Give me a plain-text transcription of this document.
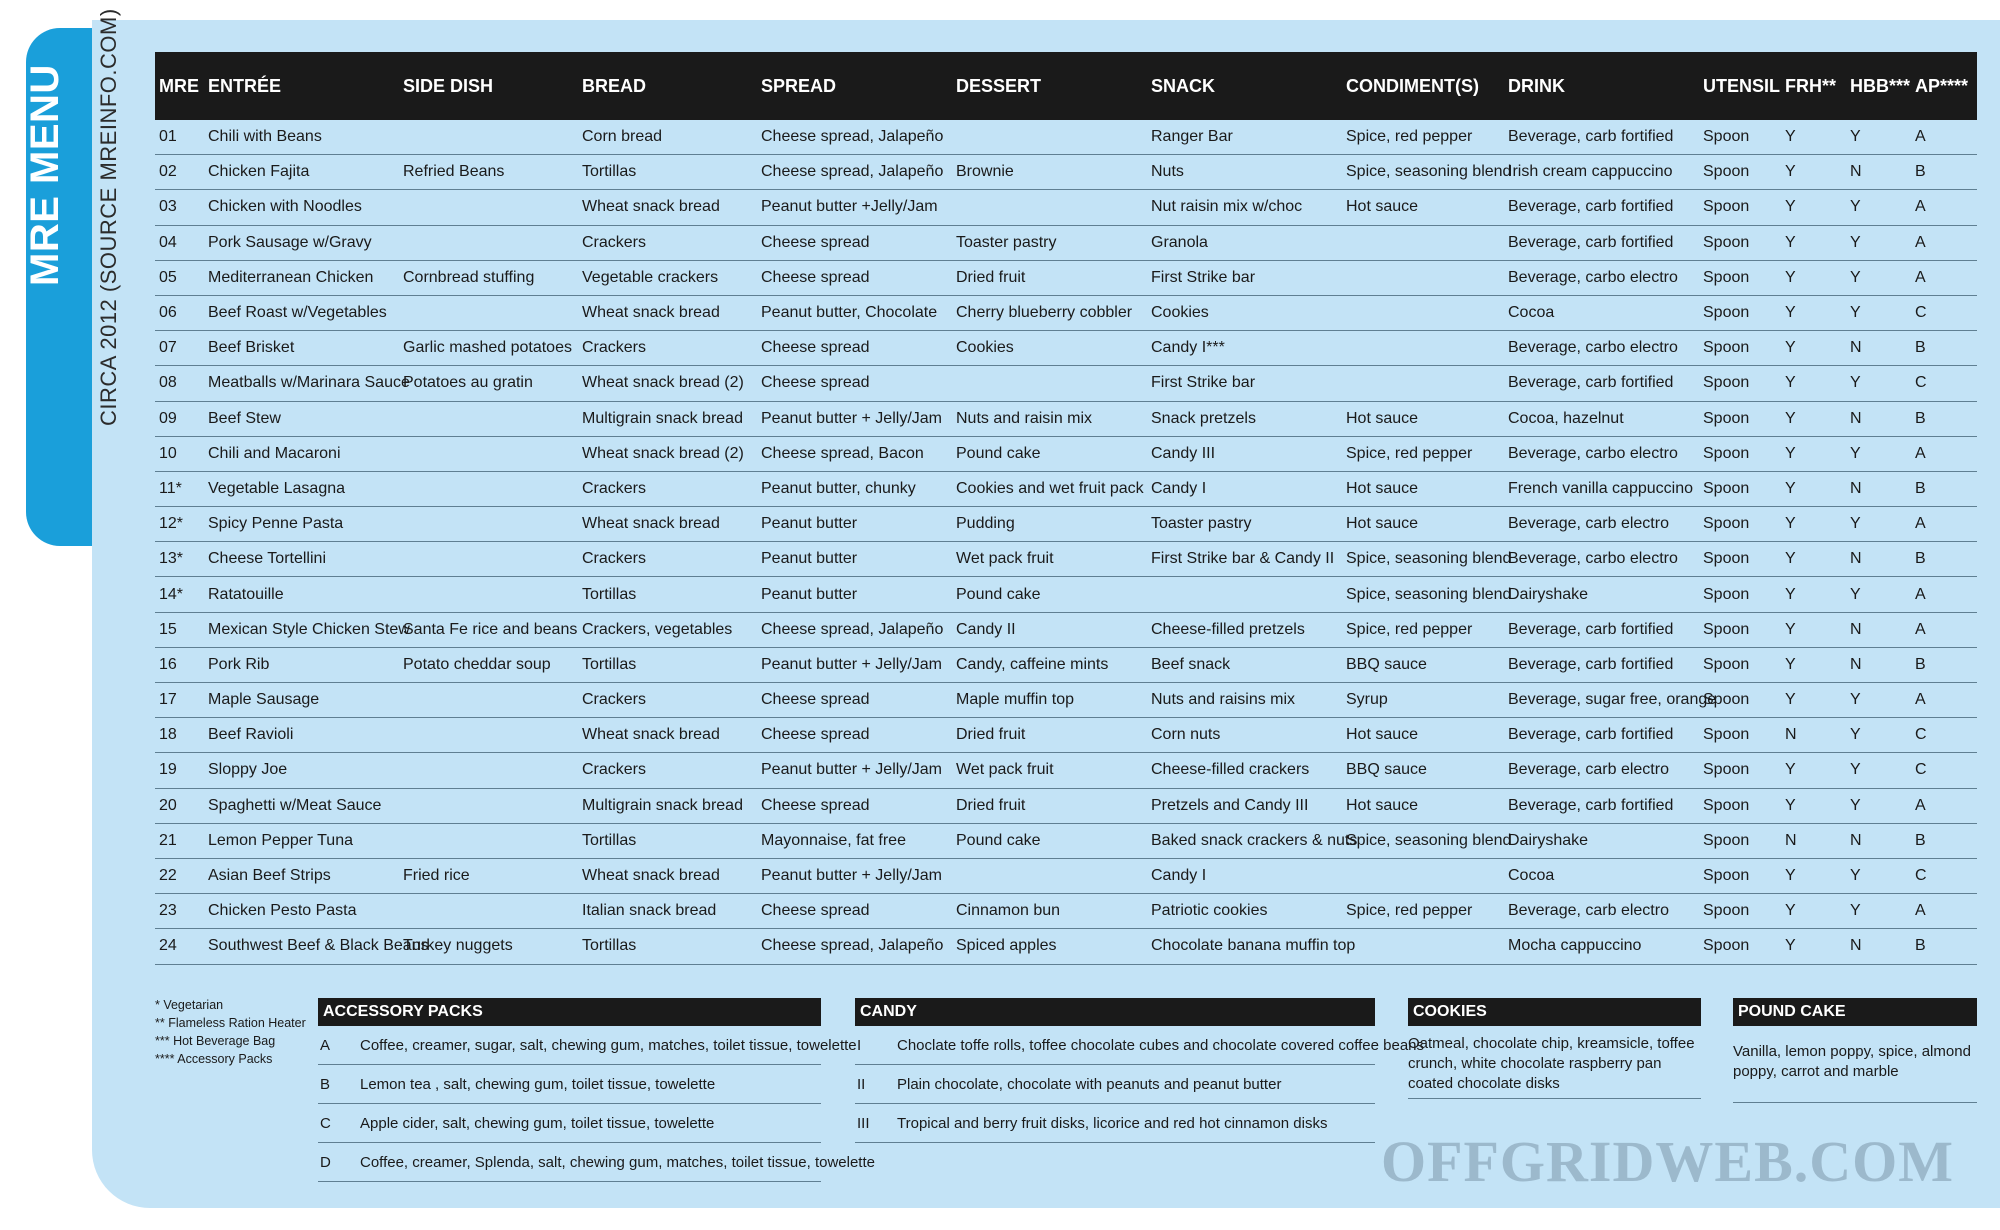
MRE MENU CIRCA 2012 (SOURCE MREINFO.COM) MRE	ENTRÉE	SIDE DISH	BREAD	SPREAD	DESSERT	SNACK	CONDIMENT(S)	DRINK	UTENSIL	FRH**	HBB***	AP****
01	Chili with Beans		Corn bread	Cheese spread, Jalapeño		Ranger Bar	Spice, red pepper	Beverage, carb fortified	Spoon	Y	Y	A
02	Chicken Fajita	Refried Beans	Tortillas	Cheese spread, Jalapeño	Brownie	Nuts	Spice, seasoning blend	Irish cream cappuccino	Spoon	Y	N	B
03	Chicken with Noodles		Wheat snack bread	Peanut butter +Jelly/Jam		Nut raisin mix w/choc	Hot sauce	Beverage, carb fortified	Spoon	Y	Y	A
04	Pork Sausage w/Gravy		Crackers	Cheese spread	Toaster pastry	Granola		Beverage, carb fortified	Spoon	Y	Y	A
05	Mediterranean Chicken	Cornbread stuffing	Vegetable crackers	Cheese spread	Dried fruit	First Strike bar		Beverage, carbo electro	Spoon	Y	Y	A
06	Beef Roast w/Vegetables		Wheat snack bread	Peanut butter, Chocolate	Cherry blueberry cobbler	Cookies		Cocoa	Spoon	Y	Y	C
07	Beef Brisket	Garlic mashed potatoes	Crackers	Cheese spread	Cookies	Candy I***		Beverage, carbo electro	Spoon	Y	N	B
08	Meatballs w/Marinara Sauce	Potatoes au gratin	Wheat snack bread (2)	Cheese spread		First Strike bar		Beverage, carb fortified	Spoon	Y	Y	C
09	Beef Stew		Multigrain snack bread	Peanut butter + Jelly/Jam	Nuts and raisin mix	Snack pretzels	Hot sauce	Cocoa, hazelnut	Spoon	Y	N	B
10	Chili and Macaroni		Wheat snack bread (2)	Cheese spread, Bacon	Pound cake	Candy III	Spice, red pepper	Beverage, carbo electro	Spoon	Y	Y	A
11*	Vegetable Lasagna		Crackers	Peanut butter, chunky	Cookies and wet fruit pack	Candy I	Hot sauce	French vanilla cappuccino	Spoon	Y	N	B
12*	Spicy Penne Pasta		Wheat snack bread	Peanut butter	Pudding	Toaster pastry	Hot sauce	Beverage, carb electro	Spoon	Y	Y	A
13*	Cheese Tortellini		Crackers	Peanut butter	Wet pack fruit	First Strike bar & Candy II	Spice, seasoning blend	Beverage, carbo electro	Spoon	Y	N	B
14*	Ratatouille		Tortillas	Peanut butter	Pound cake		Spice, seasoning blend	Dairyshake	Spoon	Y	Y	A
15	Mexican Style Chicken Stew	Santa Fe rice and beans	Crackers, vegetables	Cheese spread, Jalapeño	Candy II	Cheese-filled pretzels	Spice, red pepper	Beverage, carb fortified	Spoon	Y	N	A
16	Pork Rib	Potato cheddar soup	Tortillas	Peanut butter + Jelly/Jam	Candy, caffeine mints	Beef snack	BBQ sauce	Beverage, carb fortified	Spoon	Y	N	B
17	Maple Sausage		Crackers	Cheese spread	Maple muffin top	Nuts and raisins mix	Syrup	Beverage, sugar free, orange	Spoon	Y	Y	A
18	Beef Ravioli		Wheat snack bread	Cheese spread	Dried fruit	Corn nuts	Hot sauce	Beverage, carb fortified	Spoon	N	Y	C
19	Sloppy Joe		Crackers	Peanut butter + Jelly/Jam	Wet pack fruit	Cheese-filled crackers	BBQ sauce	Beverage, carb electro	Spoon	Y	Y	C
20	Spaghetti w/Meat Sauce		Multigrain snack bread	Cheese spread	Dried fruit	Pretzels and Candy III	Hot sauce	Beverage, carb fortified	Spoon	Y	Y	A
21	Lemon Pepper Tuna		Tortillas	Mayonnaise, fat free	Pound cake	Baked snack crackers & nuts	Spice, seasoning blend	Dairyshake	Spoon	N	N	B
22	Asian Beef Strips	Fried rice	Wheat snack bread	Peanut butter + Jelly/Jam		Candy I		Cocoa	Spoon	Y	Y	C
23	Chicken Pesto Pasta		Italian snack bread	Cheese spread	Cinnamon bun	Patriotic cookies	Spice, red pepper	Beverage, carb electro	Spoon	Y	Y	A
24	Southwest Beef & Black Beans	Turkey nuggets	Tortillas	Cheese spread, Jalapeño	Spiced apples	Chocolate banana muffin top		Mocha cappuccino	Spoon	Y	N	B
* Vegetarian
** Flameless Ration Heater
*** Hot Beverage Bag
**** Accessory Packs
ACCESSORY PACKS
A	Coffee, creamer, sugar, salt, chewing gum, matches, toilet tissue, towelette
B	Lemon tea , salt, chewing gum, toilet tissue, towelette
C	Apple cider, salt, chewing gum, toilet tissue, towelette
D	Coffee, creamer, Splenda, salt, chewing gum, matches, toilet tissue, towelette
CANDY
I	Choclate toffe rolls, toffee chocolate cubes and chocolate covered coffee beans
II	Plain chocolate, chocolate with peanuts and peanut butter
III	Tropical and berry fruit disks, licorice and red hot cinnamon disks
COOKIES
Oatmeal, chocolate chip, kreamsicle, toffee crunch, white chocolate raspberry pan coated chocolate disks
POUND CAKE
Vanilla, lemon poppy, spice, almond poppy, carrot and marble
OFFGRIDWEB.COM
